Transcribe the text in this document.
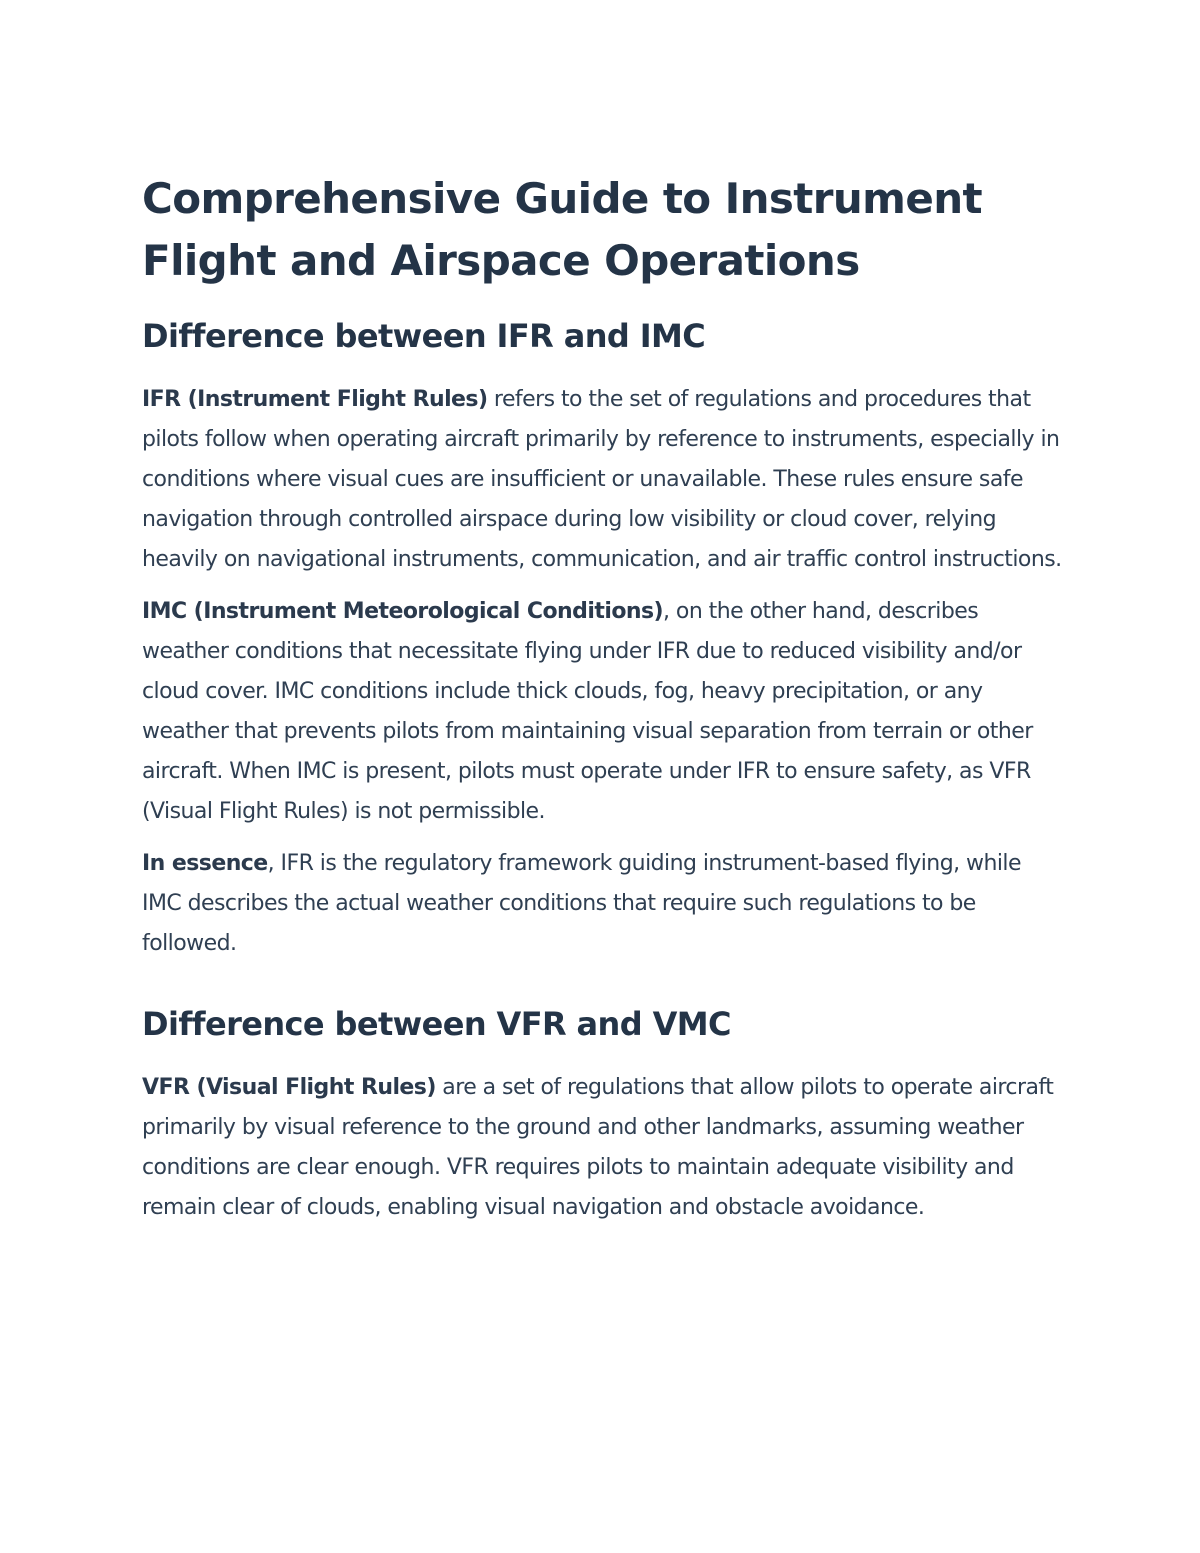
Comprehensive Guide to Instrument Flight and Airspace Operations
Difference between IFR and IMC

IFR (Instrument Flight Rules) refers to the set of regulations and procedures that pilots follow when operating aircraft primarily by reference to instruments, especially in conditions where visual cues are insufficient or unavailable. These rules ensure safe navigation through controlled airspace during low visibility or cloud cover, relying heavily on navigational instruments, communication, and air traffic control instructions.

IMC (Instrument Meteorological Conditions), on the other hand, describes weather conditions that necessitate flying under IFR due to reduced visibility and/or cloud cover. IMC conditions include thick clouds, fog, heavy precipitation, or any weather that prevents pilots from maintaining visual separation from terrain or other aircraft. When IMC is present, pilots must operate under IFR to ensure safety, as VFR (Visual Flight Rules) is not permissible.

In essence, IFR is the regulatory framework guiding instrument-based flying, while IMC describes the actual weather conditions that require such regulations to be followed.

Difference between VFR and VMC

VFR (Visual Flight Rules) are a set of regulations that allow pilots to operate aircraft primarily by visual reference to the ground and other landmarks, assuming weather conditions are clear enough. VFR requires pilots to maintain adequate visibility and remain clear of clouds, enabling visual navigation and obstacle avoidance.
